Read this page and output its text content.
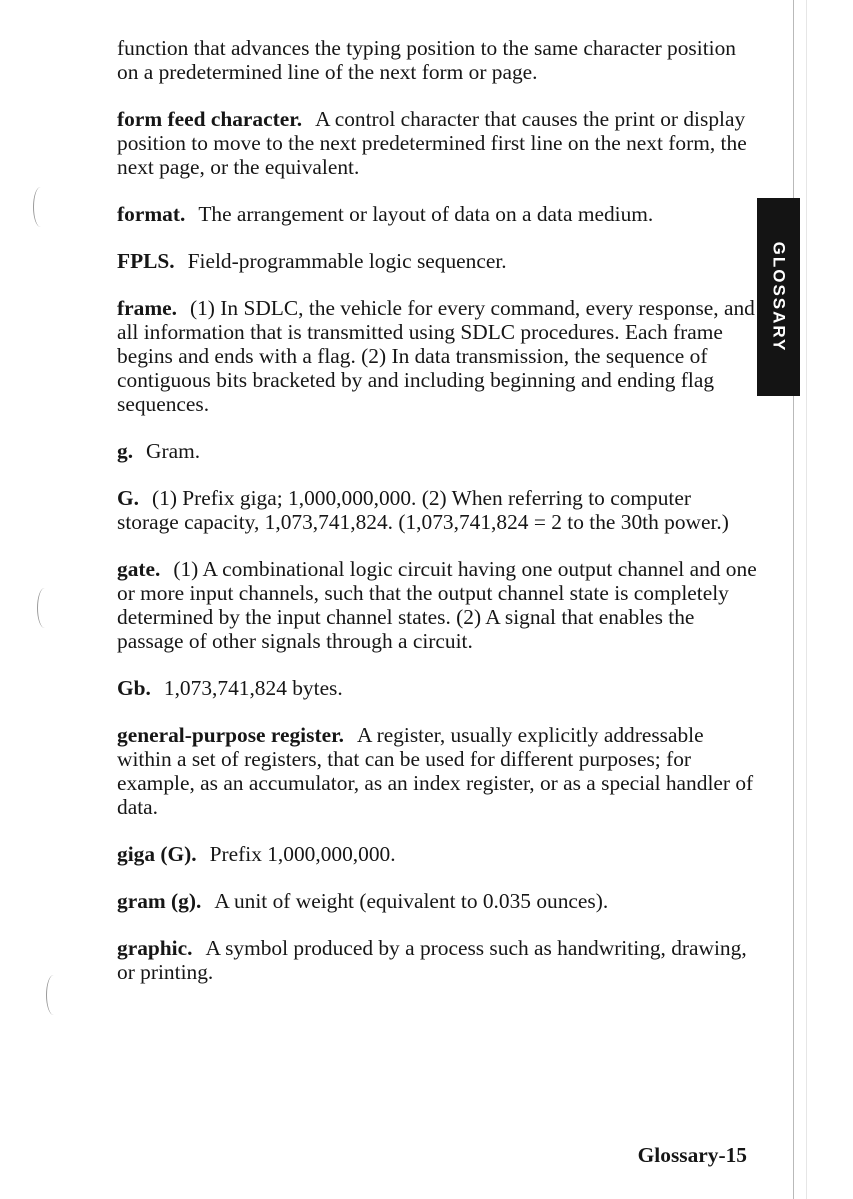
GLOSSARY
function that advances the typing position to the same character position on a predetermined line of the next form or page.
form feed character. A control character that causes the print or display position to move to the next predetermined first line on the next form, the next page, or the equivalent.
format. The arrangement or layout of data on a data medium.
FPLS. Field-programmable logic sequencer.
frame. (1) In SDLC, the vehicle for every command, every response, and all information that is transmitted using SDLC procedures. Each frame begins and ends with a flag. (2) In data transmission, the sequence of contiguous bits bracketed by and including beginning and ending flag sequences.
g. Gram.
G. (1) Prefix giga; 1,000,000,000. (2) When referring to computer storage capacity, 1,073,741,824. (1,073,741,824 = 2 to the 30th power.)
gate. (1) A combinational logic circuit having one output channel and one or more input channels, such that the output channel state is completely determined by the input channel states. (2) A signal that enables the passage of other signals through a circuit.
Gb. 1,073,741,824 bytes.
general-purpose register. A register, usually explicitly addressable within a set of registers, that can be used for different purposes; for example, as an accumulator, as an index register, or as a special handler of data.
giga (G). Prefix 1,000,000,000.
gram (g). A unit of weight (equivalent to 0.035 ounces).
graphic. A symbol produced by a process such as handwriting, drawing, or printing.
Glossary-15
